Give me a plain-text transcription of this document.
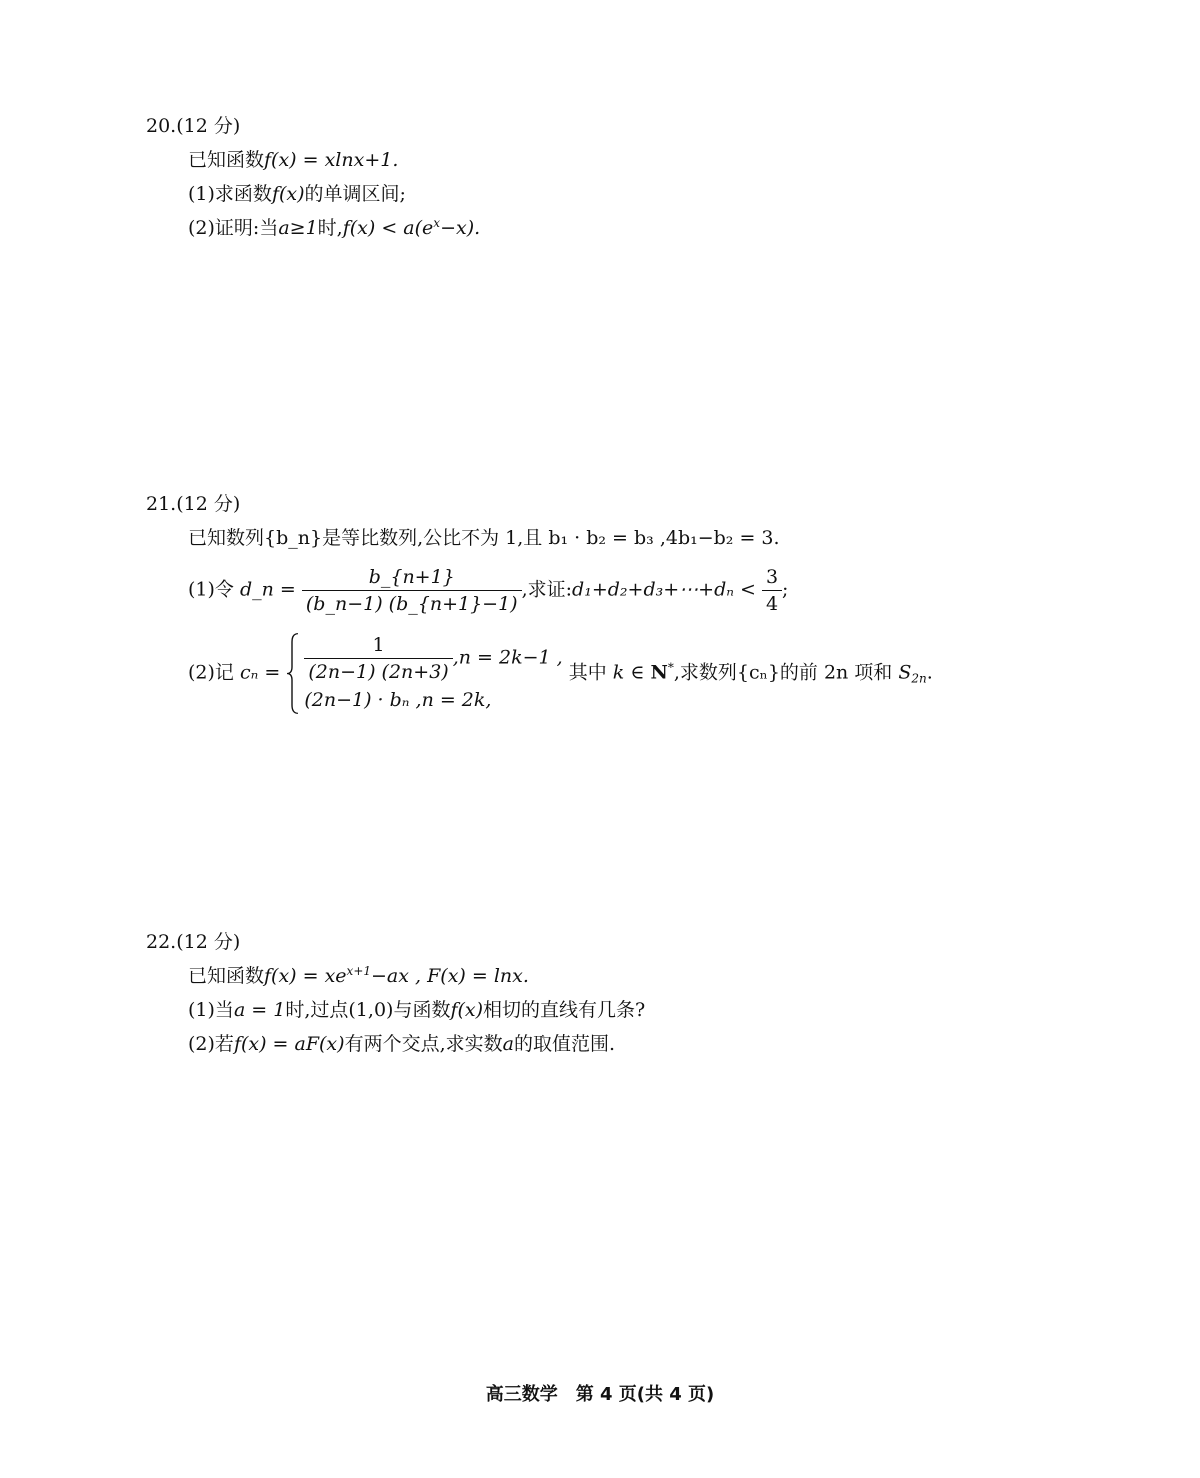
20.(12 分)
已知函数f(x) = xlnx+1.
(1)求函数f(x)的单调区间;
(2)证明:当a≥1时$,f(x) < a(e^x-x)$.
21.(12 分)
已知数列{b_n}是等比数列,公比不为 1,且 b₁ · b₂ = b₃ ,4b₁−b₂ = 3.
(1)令 d_n = $\frac{b\_\{n+1\}}{(b\_n-1) (b\_\{n+1\}-1)}$ ,求证:d₁+d₂+d₃+⋯+dₙ < $\frac{3}{4}$ ;
(2)记 $c_n = \frac{1}{(2n-1) (2n+3)} ,n = 2k-1$ ,
(2n−1) · bₙ ,n = 2k,
其中 k ∈ N*,求数列{cₙ}的前 2n 项和 $S_{2n}$.
22.(12 分)
已知函数$f(x) = xe^{x+1}-ax$ , F(x) = lnx.
(1)当a = 1时,过点(1,0)与函数f(x)相切的直线有几条?
(2)若f(x) = aF(x)有两个交点,求实数a的取值范围.
高三数学　第 4 页(共 4 页)
